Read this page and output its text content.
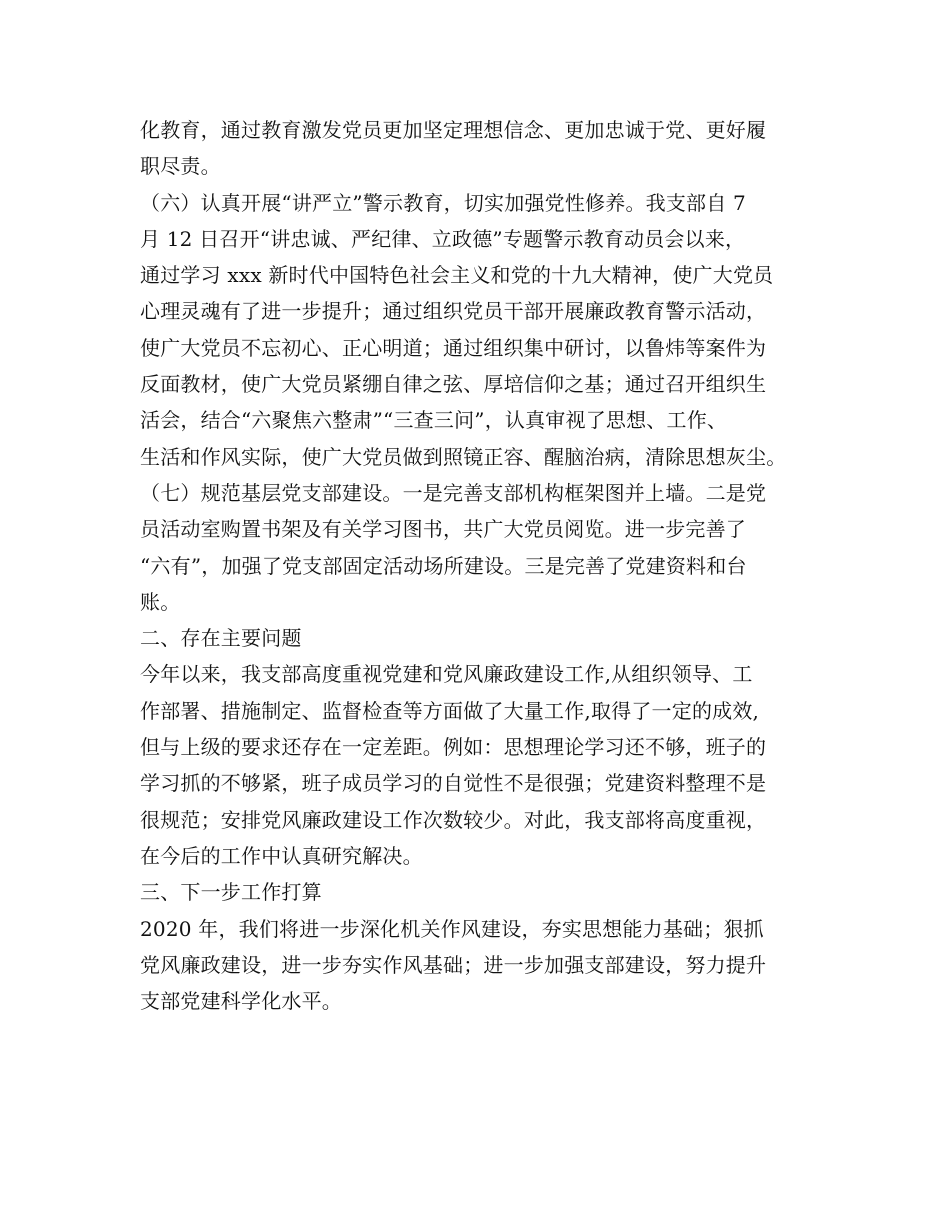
化教育，通过教育激发党员更加坚定理想信念、更加忠诚于党、更好履
职尽责。
（六）认真开展“讲严立”警示教育，切实加强党性修养。我支部自 7
月 12 日召开“讲忠诚、严纪律、立政德”专题警示教育动员会以来，
通过学习 xxx 新时代中国特色社会主义和党的十九大精神，使广大党员
心理灵魂有了进一步提升；通过组织党员干部开展廉政教育警示活动，
使广大党员不忘初心、正心明道；通过组织集中研讨，以鲁炜等案件为
反面教材，使广大党员紧绷自律之弦、厚培信仰之基；通过召开组织生
活会，结合“六聚焦六整肃”“三查三问”，认真审视了思想、工作、
生活和作风实际，使广大党员做到照镜正容、醒脑治病，清除思想灰尘。
（七）规范基层党支部建设。一是完善支部机构框架图并上墙。二是党
员活动室购置书架及有关学习图书，共广大党员阅览。进一步完善了
“六有”，加强了党支部固定活动场所建设。三是完善了党建资料和台
账。
二、存在主要问题
今年以来，我支部高度重视党建和党风廉政建设工作,从组织领导、工
作部署、措施制定、监督检查等方面做了大量工作,取得了一定的成效,
但与上级的要求还存在一定差距。例如：思想理论学习还不够，班子的
学习抓的不够紧，班子成员学习的自觉性不是很强；党建资料整理不是
很规范；安排党风廉政建设工作次数较少。对此，我支部将高度重视，
在今后的工作中认真研究解决。
三、下一步工作打算
2020 年，我们将进一步深化机关作风建设，夯实思想能力基础；狠抓
党风廉政建设，进一步夯实作风基础；进一步加强支部建设，努力提升
支部党建科学化水平。
